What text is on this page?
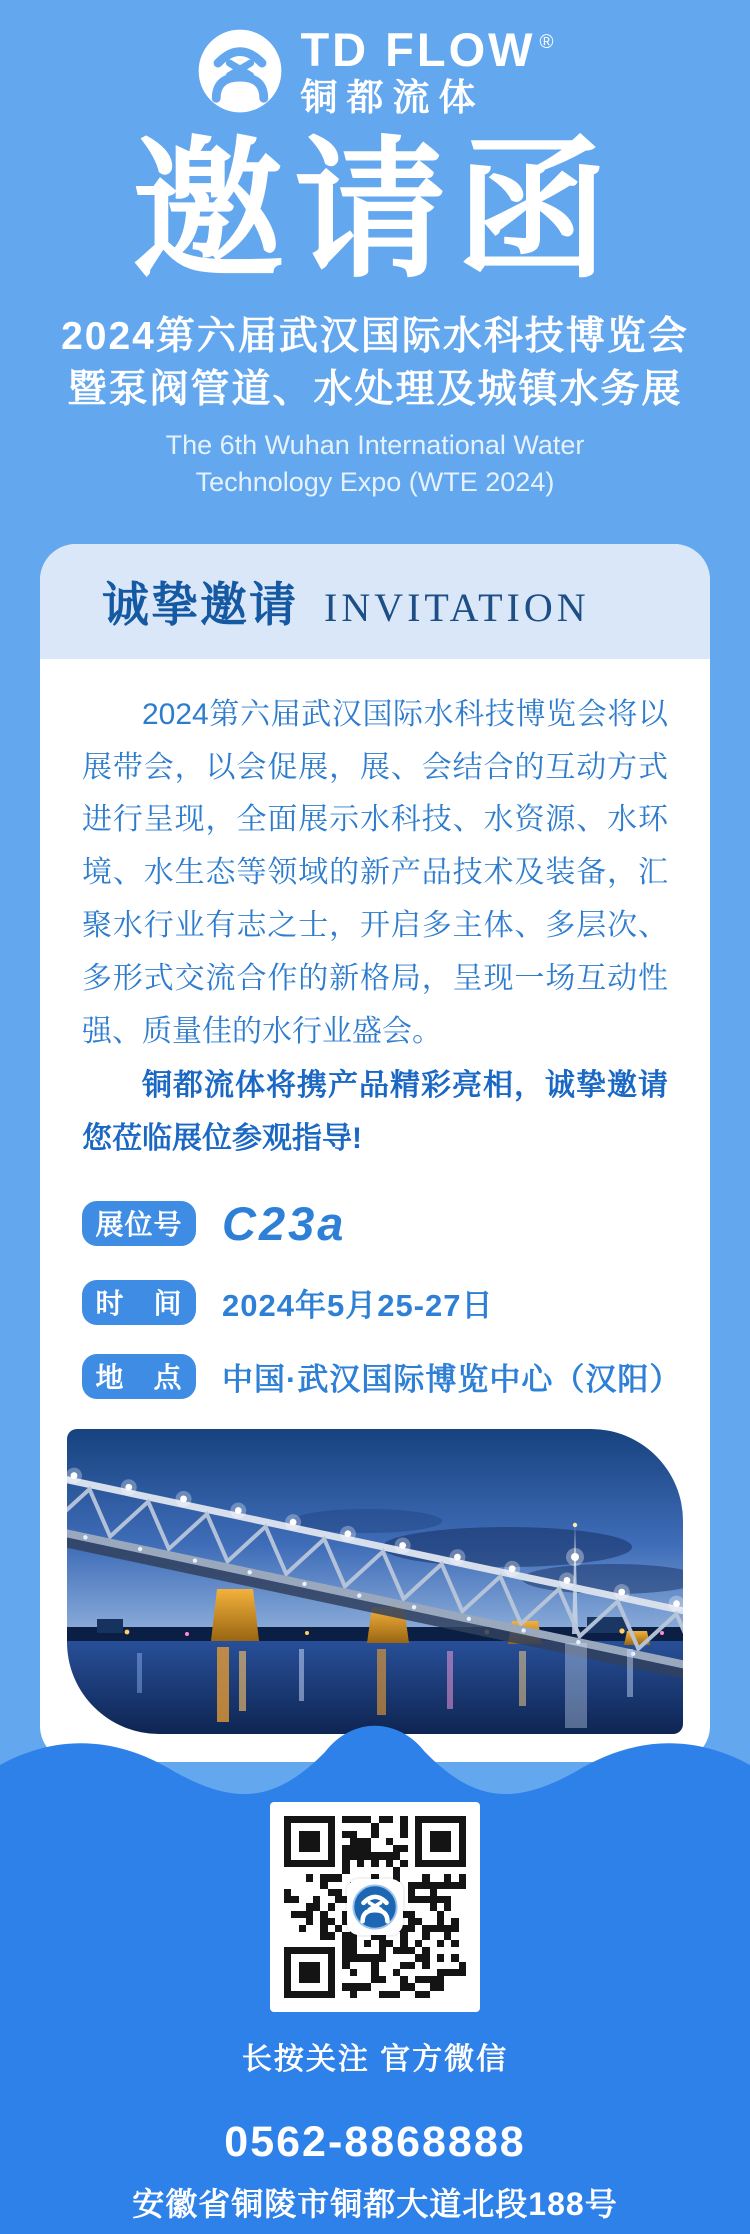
TD FLOW ®
铜都流体
邀请函
2024第六届武汉国际水科技博览会
暨泵阀管道、水处理及城镇水务展
The 6th Wuhan International Water
Technology Expo (WTE 2024)
诚挚邀请 INVITATION

2024第六届武汉国际水科技博览会将以展带会，以会促展，展、会结合的互动方式进行呈现，全面展示水科技、水资源、水环境、水生态等领域的新产品技术及装备，汇聚水行业有志之士，开启多主体、多层次、多形式交流合作的新格局，呈现一场互动性强、质量佳的水行业盛会。

铜都流体将携产品精彩亮相，诚挚邀请您莅临展位参观指导!

展位号 C23a
时　间	2024年5月25-27日
地　点	中国·武汉国际博览中心（汉阳）
长按关注 官方微信
0562-8868888
安徽省铜陵市铜都大道北段188号
